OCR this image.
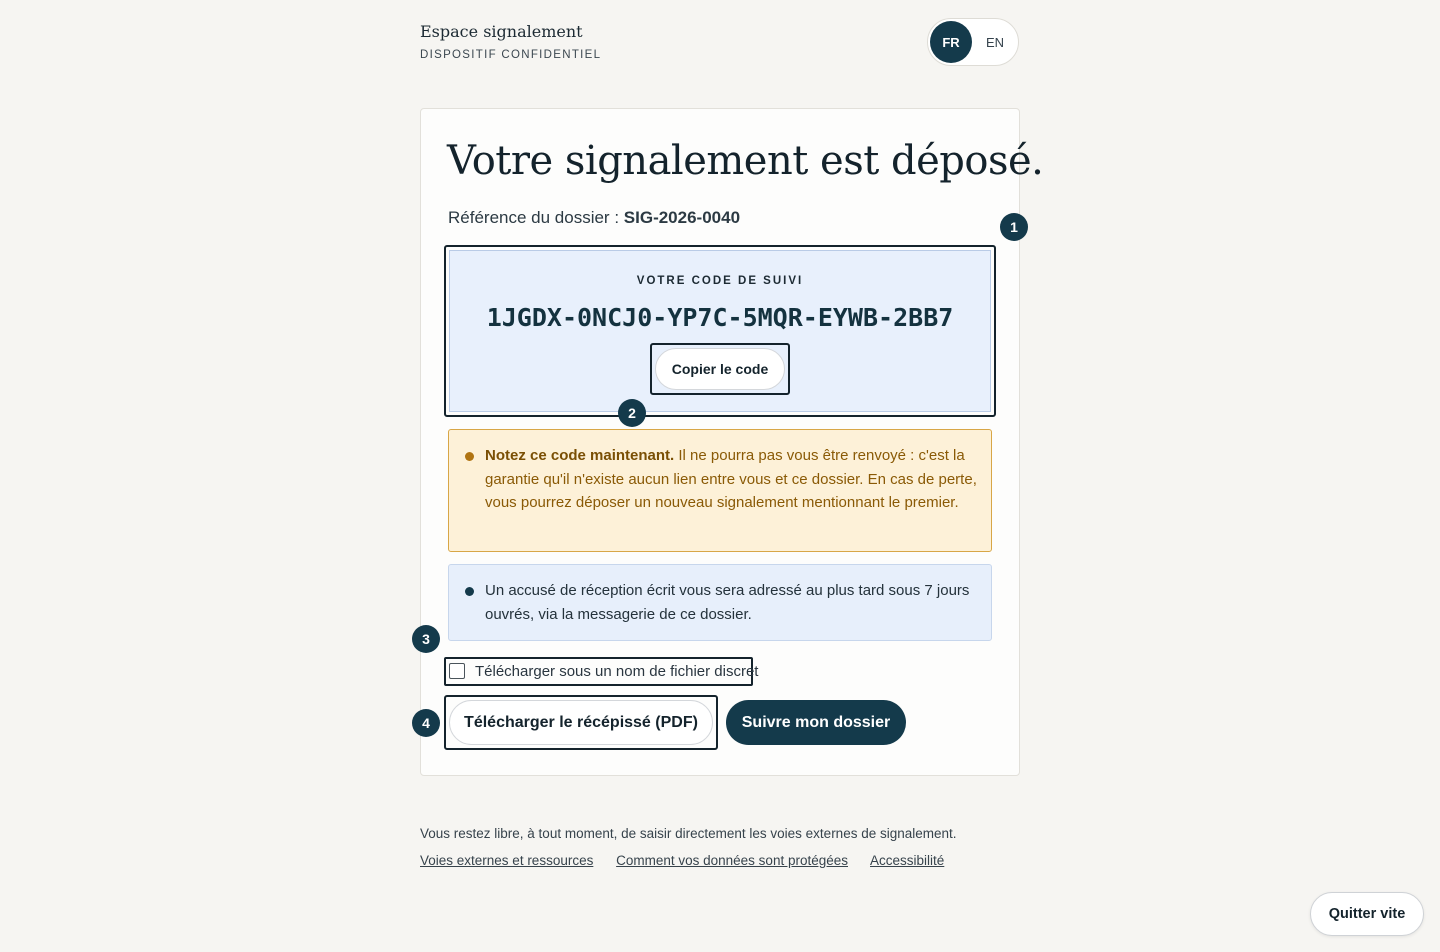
Espace signalement
DISPOSITIF CONFIDENTIEL
FR	EN
Votre signalement est déposé.
Référence du dossier : SIG-2026-0040	1
VOTRE CODE DE SUIVI
1JGDX-0NCJ0-YP7C-5MQR-EYWB-2BB7
Copier le code
2
Notez ce code maintenant. Il ne pourra pas vous être renvoyé : c'est la garantie qu'il n'existe aucun lien entre vous et ce dossier. En cas de perte, vous pourrez déposer un nouveau signalement mentionnant le premier.
Un accusé de réception écrit vous sera adressé au plus tard sous 7 jours ouvrés, via la messagerie de ce dossier.
3
Télécharger sous un nom de fichier discret
4	Télécharger le récépissé (PDF)	Suivre mon dossier
Vous restez libre, à tout moment, de saisir directement les voies externes de signalement.
Voies externes et ressources Comment vos données sont protégées Accessibilité
Quitter vite
